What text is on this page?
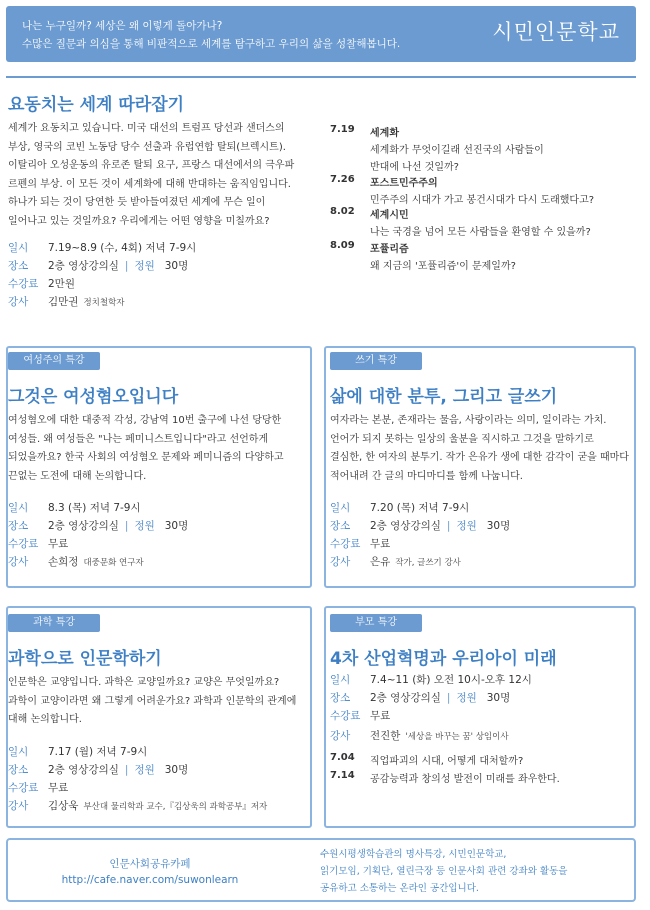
나는 누구일까? 세상은 왜 이렇게 돌아가나?
수많은 질문과 의심을 통해 비판적으로 세계를 탐구하고 우리의 삶을 성찰해봅니다.	시민인문학교
요동치는 세계 따라잡기
세계가 요동치고 있습니다. 미국 대선의 트럼프 당선과 샌더스의
부상, 영국의 코빈 노동당 당수 선출과 유럽연합 탈퇴(브렉시트).
이탈리아 오성운동의 유로존 탈퇴 요구, 프랑스 대선에서의 극우파
르펜의 부상. 이 모든 것이 세계화에 대해 반대하는 움직임입니다.
하나가 되는 것이 당연한 듯 받아들여졌던 세계에 무슨 일이
일어나고 있는 것일까요? 우리에게는 어떤 영향을 미칠까요?
일시 7.19~8.9 (수, 4회) 저녁 7-9시
장소 2층 영상강의실 | 정원 30명
수강료 2만원
강사 김만권 정치철학자
7.19 세계화
세계화가 무엇이길래 선진국의 사람들이
반대에 나선 것일까?
7.26 포스트민주주의
민주주의 시대가 가고 봉건시대가 다시 도래했다고?
8.02 세계시민
나는 국경을 넘어 모든 사람들을 환영할 수 있을까?
8.09 포퓰리즘
왜 지금의 '포퓰리즘'이 문제일까?
여성주의 특강
그것은 여성혐오입니다
여성혐오에 대한 대중적 각성, 강남역 10번 출구에 나선 당당한
여성들. 왜 여성들은 "나는 페미니스트입니다"라고 선언하게
되었을까요? 한국 사회의 여성혐오 문제와 페미니즘의 다양하고
끈없는 도전에 대해 논의합니다.
일시 8.3 (목) 저녁 7-9시
장소 2층 영상강의실 | 정원 30명
수강료 무료
강사 손희정 대중문화 연구자
쓰기 특강
삶에 대한 분투, 그리고 글쓰기
여자라는 본분, 존재라는 물음, 사랑이라는 의미, 일이라는 가치.
언어가 되지 못하는 일상의 울분을 직시하고 그것을 말하기로
결심한, 한 여자의 분투기. 작가 은유가 생에 대한 감각이 굳을 때마다
적어내려 간 글의 마디마디를 함께 나눕니다.
일시 7.20 (목) 저녁 7-9시
장소 2층 영상강의실 | 정원 30명
수강료 무료
강사 은유 작가, 글쓰기 강사
과학 특강
과학으로 인문학하기
인문학은 교양입니다. 과학은 교양일까요? 교양은 무엇일까요?
과학이 교양이라면 왜 그렇게 어려운가요? 과학과 인문학의 관계에
대해 논의합니다.
일시 7.17 (월) 저녁 7-9시
장소 2층 영상강의실 | 정원 30명
수강료 무료
강사 김상욱 부산대 물리학과 교수,『김상욱의 과학공부』저자
부모 특강
4차 산업혁명과 우리아이 미래
일시 7.4~11 (화) 오전 10시-오후 12시
장소 2층 영상강의실 | 정원 30명
수강료 무료
강사 전진한 '세상을 바꾸는 꿈' 상임이사
7.04 직업파괴의 시대, 어떻게 대처할까?
7.14 공감능력과 창의성 발전이 미래를 좌우한다.
인문사회공유카페
http://cafe.naver.com/suwonlearn
수원시평생학습관의 명사특강, 시민인문학교,
읽기모임, 기획단, 열린극장 등 인문사회 관련 강좌와 활동을
공유하고 소통하는 온라인 공간입니다.
